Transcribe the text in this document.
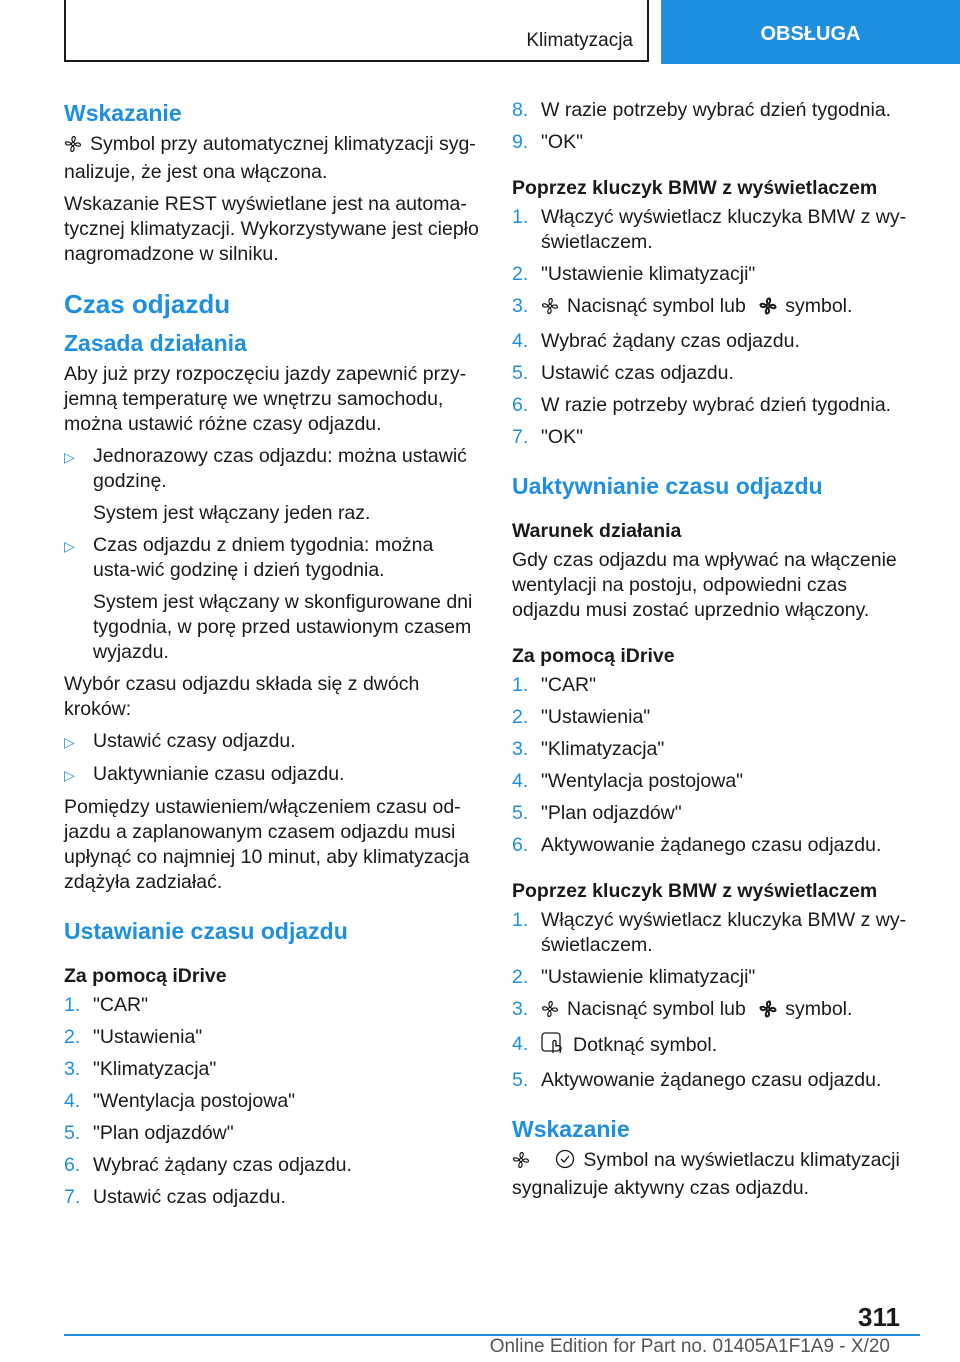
Klimatyzacja	OBSŁUGA
Wskazanie

Symbol przy automatycznej klimatyzacji syg-nalizuje, że jest ona włączona.

Wskazanie REST wyświetlane jest na automa-tycznej klimatyzacji. Wykorzystywane jest ciepło nagromadzone w silniku.

Czas odjazdu
Zasada działania

Aby już przy rozpoczęciu jazdy zapewnić przy-jemną temperaturę we wnętrzu samochodu, można ustawić różne czasy odjazdu.

▷ Jednorazowy czas odjazdu: można ustawić godzinę.
System jest włączany jeden raz.
▷ Czas odjazdu z dniem tygodnia: można usta-wić godzinę i dzień tygodnia.
System jest włączany w skonfigurowane dni tygodnia, w porę przed ustawionym czasem wyjazdu.

Wybór czasu odjazdu składa się z dwóch kroków:

▷ Ustawić czasy odjazdu.
▷ Uaktywnianie czasu odjazdu.

Pomiędzy ustawieniem/włączeniem czasu od-jazdu a zaplanowanym czasem odjazdu musi upłynąć co najmniej 10 minut, aby klimatyzacja zdążyła zadziałać.

Ustawianie czasu odjazdu
Za pomocą iDrive
1. "CAR"
2. "Ustawienia"
3. "Klimatyzacja"
4. "Wentylacja postojowa"
5. "Plan odjazdów"
6. Wybrać żądany czas odjazdu.
7. Ustawić czas odjazdu.
8. W razie potrzeby wybrać dzień tygodnia.
9. "OK"
Poprzez kluczyk BMW z wyświetlaczem
1. Włączyć wyświetlacz kluczyka BMW z wy-świetlaczem.
2. "Ustawienie klimatyzacji"
3.	Nacisnąć symbol lub symbol.
4. Wybrać żądany czas odjazdu.
5. Ustawić czas odjazdu.
6. W razie potrzeby wybrać dzień tygodnia.
7. "OK"
Uaktywnianie czasu odjazdu
Warunek działania

Gdy czas odjazdu ma wpływać na włączenie wentylacji na postoju, odpowiedni czas odjazdu musi zostać uprzednio włączony.

Za pomocą iDrive
1. "CAR"
2. "Ustawienia"
3. "Klimatyzacja"
4. "Wentylacja postojowa"
5. "Plan odjazdów"
6. Aktywowanie żądanego czasu odjazdu.
Poprzez kluczyk BMW z wyświetlaczem
1. Włączyć wyświetlacz kluczyka BMW z wy-świetlaczem.
2. "Ustawienie klimatyzacji"
3.	Nacisnąć symbol lub symbol.
4.	Dotknąć symbol.
5. Aktywowanie żądanego czasu odjazdu.
Wskazanie

Symbol na wyświetlaczu klimatyzacji sygnalizuje aktywny czas odjazdu.

311
Online Edition for Part no. 01405A1F1A9 - X/20
